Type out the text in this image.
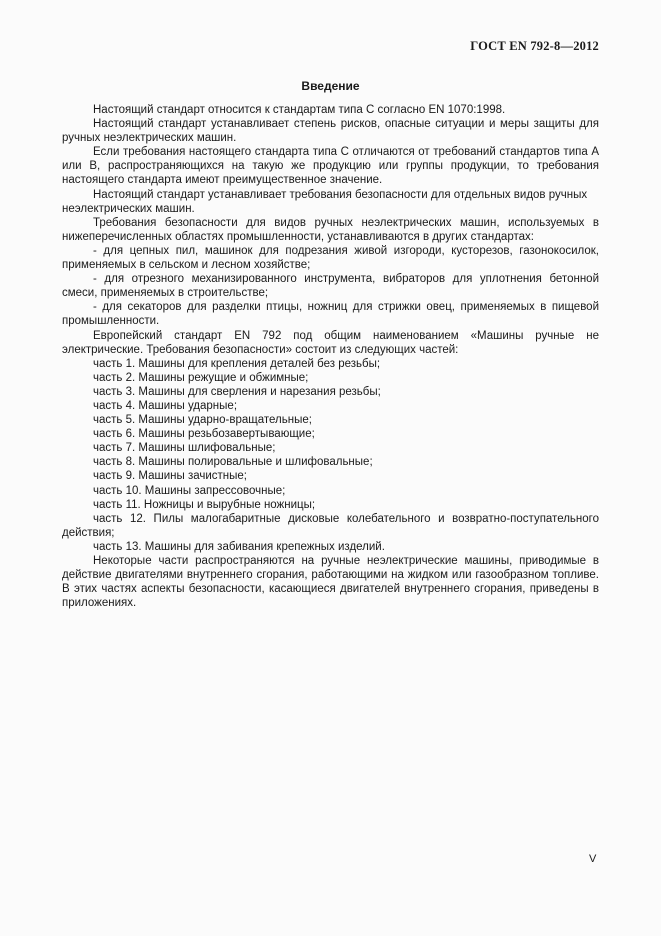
ГОСТ EN 792-8—2012
Введение

Настоящий стандарт относится к стандартам типа С согласно EN 1070:1998.

Настоящий стандарт устанавливает степень рисков, опасные ситуации и меры защиты для ручных неэлектрических машин.

Если требования настоящего стандарта типа С отличаются от требований стандартов типа А или В, распространяющихся на такую же продукцию или группы продукции, то требования настоящего стандарта имеют преимущественное значение.

Настоящий стандарт устанавливает требования безопасности для отдельных видов ручных

неэлектрических машин.

Требования безопасности для видов ручных неэлектрических машин, используемых в нижеперечисленных областях промышленности, устанавливаются в других стандартах:

- для цепных пил, машинок для подрезания живой изгороди, кусторезов, газонокосилок, применяемых в сельском и лесном хозяйстве;

- для отрезного механизированного инструмента, вибраторов для уплотнения бетонной смеси, применяемых в строительстве;

- для секаторов для разделки птицы, ножниц для стрижки овец, применяемых в пищевой промышленности.

Европейский стандарт EN 792 под общим наименованием «Машины ручные не электрические. Требования безопасности» состоит из следующих частей:

часть 1. Машины для крепления деталей без резьбы;

часть 2. Машины режущие и обжимные;

часть 3. Машины для сверления и нарезания резьбы;

часть 4. Машины ударные;

часть 5. Машины ударно-вращательные;

часть 6. Машины резьбозавертывающие;

часть 7. Машины шлифовальные;

часть 8. Машины полировальные и шлифовальные;

часть 9. Машины зачистные;

часть 10. Машины запрессовочные;

часть 11. Ножницы и вырубные ножницы;

часть 12. Пилы малогабаритные дисковые колебательного и возвратно-поступательного действия;

часть 13. Машины для забивания крепежных изделий.

Некоторые части распространяются на ручные неэлектрические машины, приводимые в действие двигателями внутреннего сгорания, работающими на жидком или газообразном топливе. В этих частях аспекты безопасности, касающиеся двигателей внутреннего сгорания, приведены в приложениях.

V
